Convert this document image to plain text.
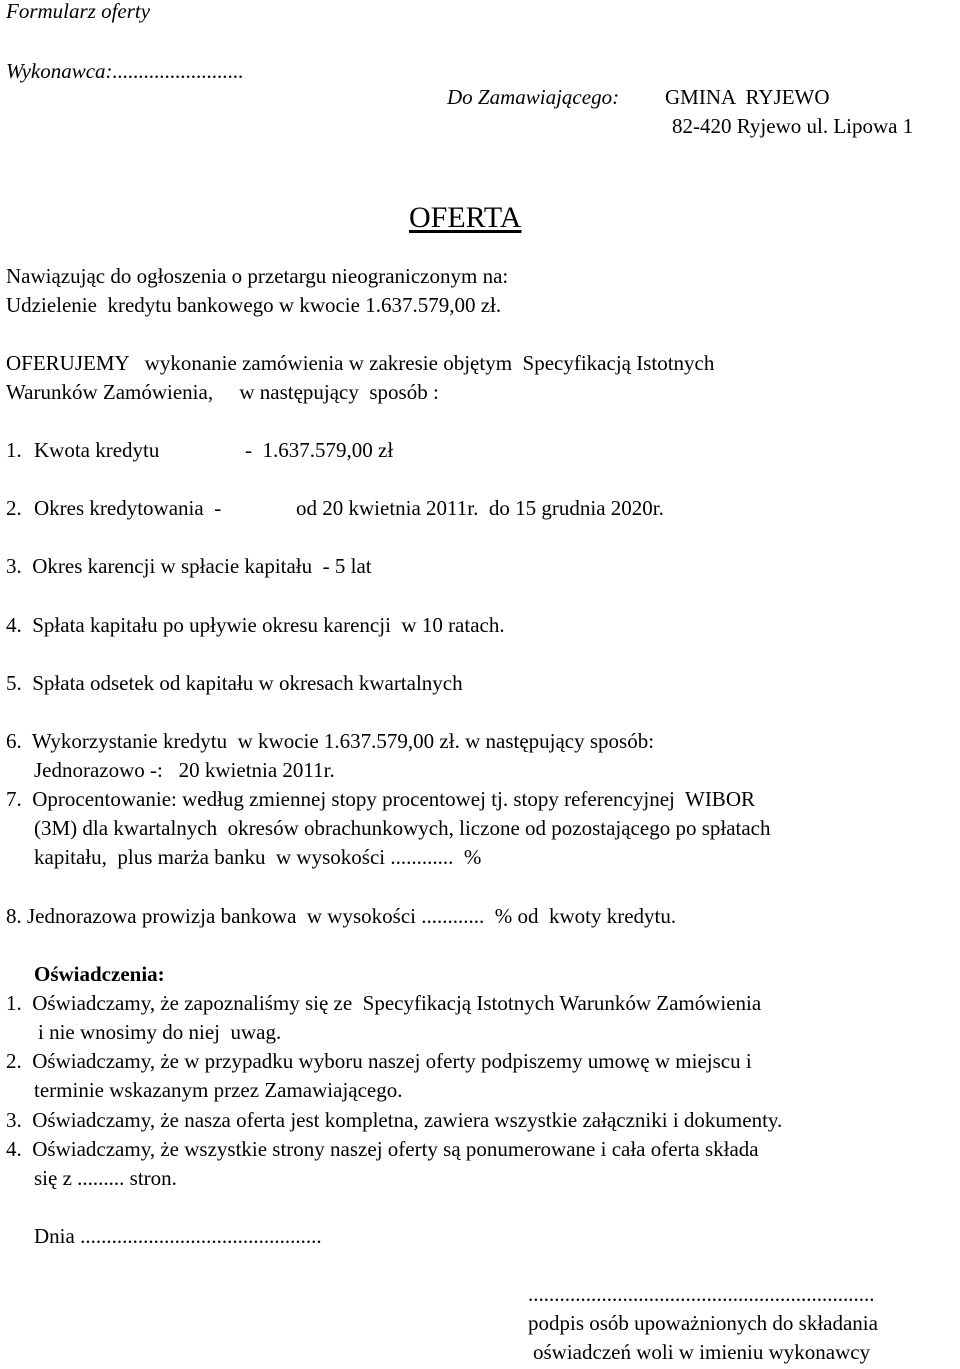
Formularz oferty
Wykonawca:.........................
Do Zamawiającego: GMINA  RYJEWO
82-420 Ryjewo ul. Lipowa 1
OFERTA
Nawiązując do ogłoszenia o przetargu nieograniczonym na:
Udzielenie  kredytu bankowego w kwocie 1.637.579,00 zł.
OFERUJEMY wykonanie zamówienia w zakresie objętym  Specyfikacją Istotnych
Warunków Zamówienia,     w następujący  sposób :
1. Kwota kredytu	-  1.637.579,00 zł
2. Okres kredytowania  -	od 20 kwietnia 2011r.  do 15 grudnia 2020r.
3.  Okres karencji w spłacie kapitału  - 5 lat
4.  Spłata kapitału po upływie okresu karencji  w 10 ratach.
5.  Spłata odsetek od kapitału w okresach kwartalnych
6.  Wykorzystanie kredytu  w kwocie 1.637.579,00 zł. w następujący sposób:
Jednorazowo -:   20 kwietnia 2011r.
7.  Oprocentowanie: według zmiennej stopy procentowej tj. stopy referencyjnej  WIBOR
(3M) dla kwartalnych  okresów obrachunkowych, liczone od pozostającego po spłatach
kapitału,  plus marża banku  w wysokości ............  %
8. Jednorazowa prowizja bankowa  w wysokości ............  % od  kwoty kredytu.
Oświadczenia:
1.  Oświadczamy, że zapoznaliśmy się ze  Specyfikacją Istotnych Warunków Zamówienia
i nie wnosimy do niej  uwag.
2.  Oświadczamy, że w przypadku wyboru naszej oferty podpiszemy umowę w miejscu i
terminie wskazanym przez Zamawiającego.
3.  Oświadczamy, że nasza oferta jest kompletna, zawiera wszystkie załączniki i dokumenty.
4.  Oświadczamy, że wszystkie strony naszej oferty są ponumerowane i cała oferta składa
się z ......... stron.
Dnia ..............................................
..................................................................
podpis osób upoważnionych do składania
oświadczeń woli w imieniu wykonawcy
